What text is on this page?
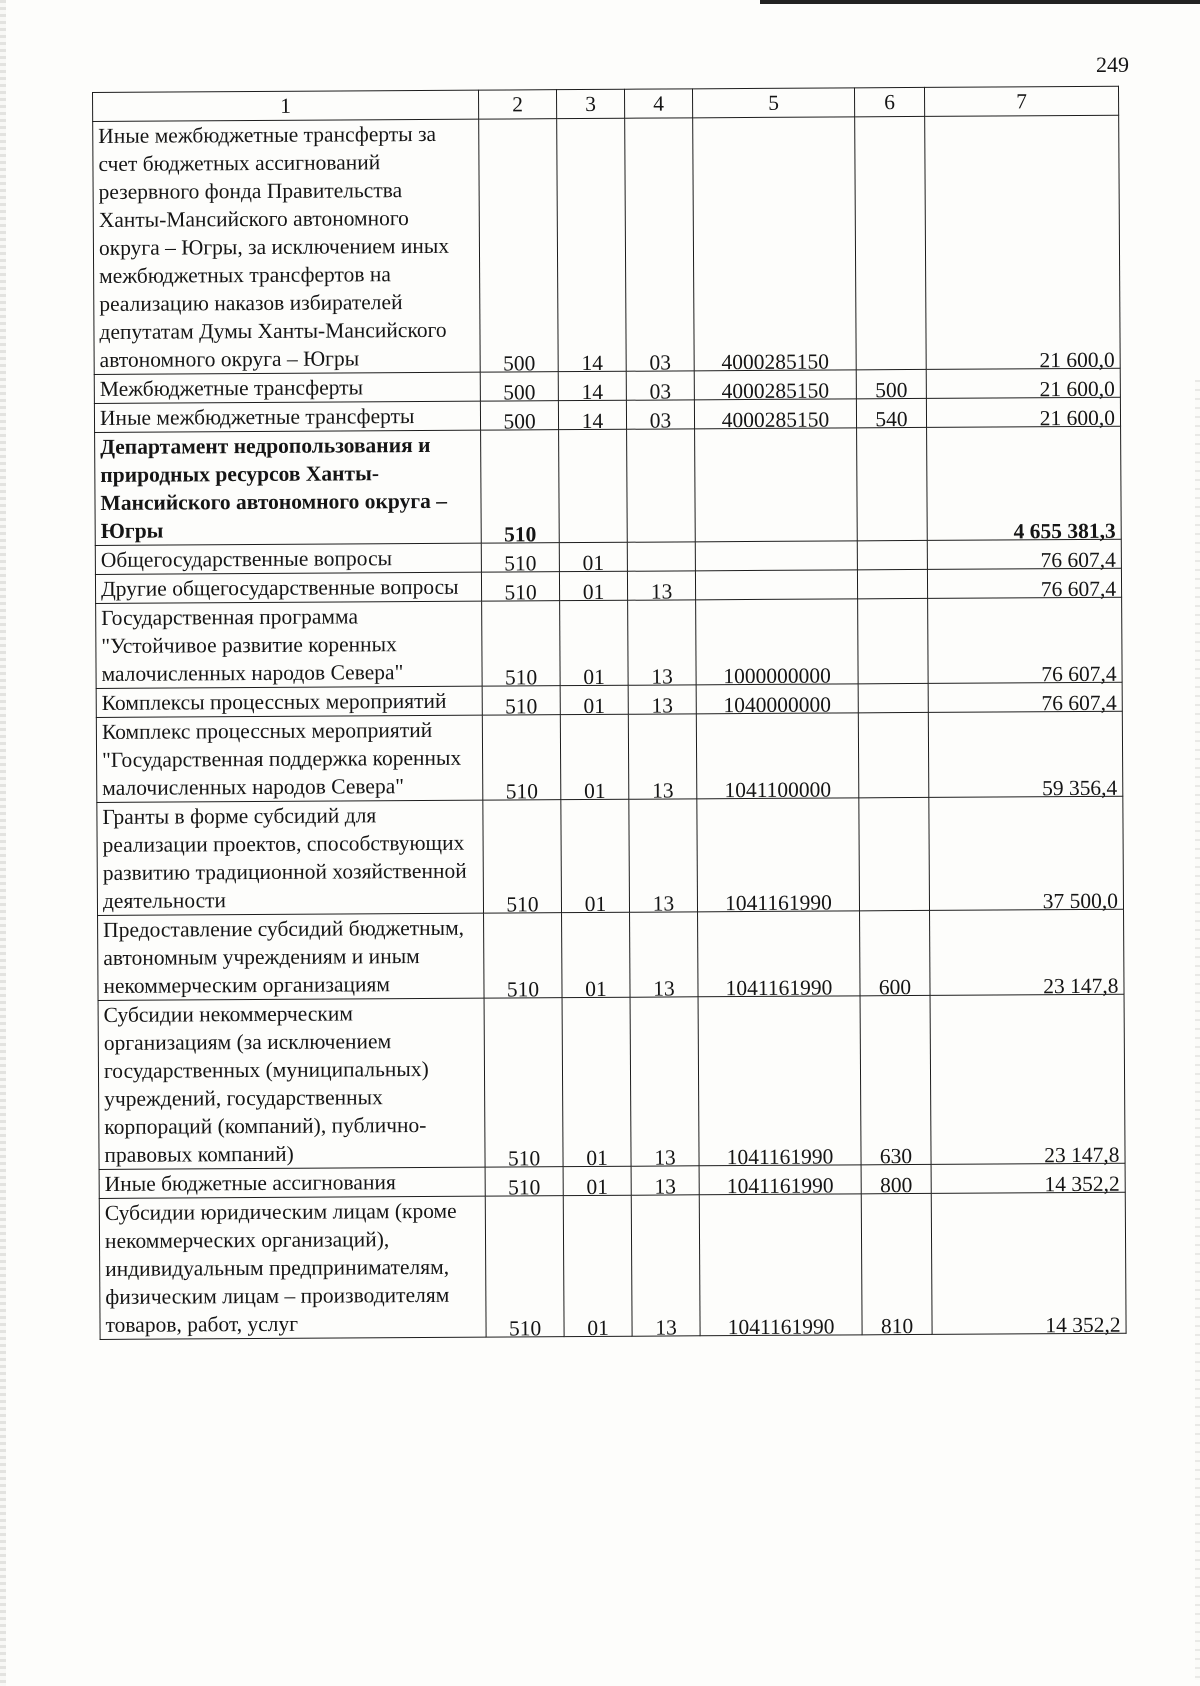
249
1	2	3	4	5	6	7
Иные межбюджетные трансферты за счет бюджетных ассигнований резервного фонда Правительства Ханты-Мансийского автономного округа – Югры, за исключением иных межбюджетных трансфертов на реализацию наказов избирателей депутатам Думы Ханты-Мансийского автономного округа – Югры	500	14	03	4000285150		21 600,0
Межбюджетные трансферты	500	14	03	4000285150	500	21 600,0
Иные межбюджетные трансферты	500	14	03	4000285150	540	21 600,0
Департамент недропользования и природных ресурсов Ханты-Мансийского автономного округа – Югры	510					4 655 381,3
Общегосударственные вопросы	510	01				76 607,4
Другие общегосударственные вопросы	510	01	13			76 607,4
Государственная программа "Устойчивое развитие коренных малочисленных народов Севера"	510	01	13	1000000000		76 607,4
Комплексы процессных мероприятий	510	01	13	1040000000		76 607,4
Комплекс процессных мероприятий "Государственная поддержка коренных малочисленных народов Севера"	510	01	13	1041100000		59 356,4
Гранты в форме субсидий для реализации проектов, способствующих развитию традиционной хозяйственной деятельности	510	01	13	1041161990		37 500,0
Предоставление субсидий бюджетным, автономным учреждениям и иным некоммерческим организациям	510	01	13	1041161990	600	23 147,8
Субсидии некоммерческим организациям (за исключением государственных (муниципальных) учреждений, государственных корпораций (компаний), публично-правовых компаний)	510	01	13	1041161990	630	23 147,8
Иные бюджетные ассигнования	510	01	13	1041161990	800	14 352,2
Субсидии юридическим лицам (кроме некоммерческих организаций), индивидуальным предпринимателям, физическим лицам – производителям товаров, работ, услуг	510	01	13	1041161990	810	14 352,2
